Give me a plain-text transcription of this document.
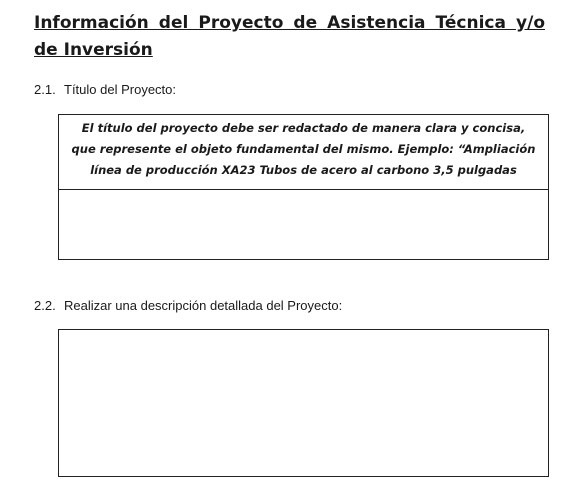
Información del Proyecto de Asistencia Técnica y/o de Inversión

2.1. Título del Proyecto:

El título del proyecto debe ser redactado de manera clara y concisa, que represente el objeto fundamental del mismo. Ejemplo: “Ampliación línea de producción XA23 Tubos de acero al carbono 3,5 pulgadas

2.2. Realizar una descripción detallada del Proyecto:
